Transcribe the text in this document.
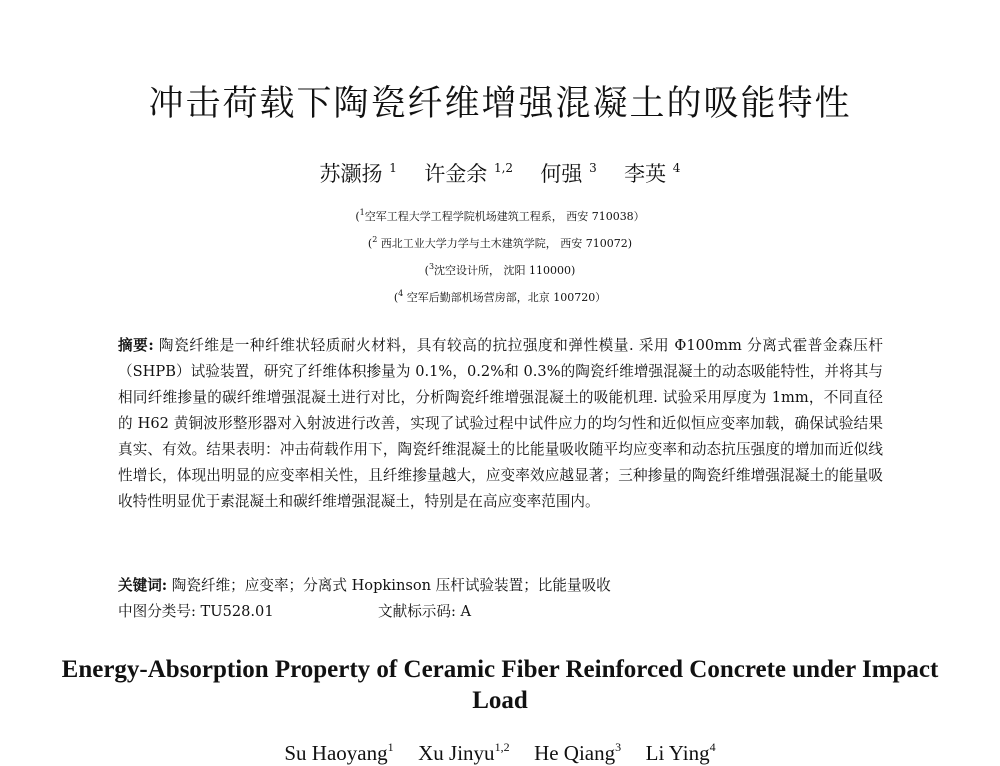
冲击荷载下陶瓷纤维增强混凝土的吸能特性
苏灏扬 $^1$ 许金余 $^{1,2}$ 何强 $^3$ 李英 $^4$
($^1$空军工程大学工程学院机场建筑工程系， 西安 710038）
($^2$ 西北工业大学力学与土木建筑学院， 西安 710072)
($^3$沈空设计所， 沈阳 110000)
($^4$ 空军后勤部机场营房部，北京 100720）
摘要: 陶瓷纤维是一种纤维状轻质耐火材料，具有较高的抗拉强度和弹性模量. 采用 Φ100mm 分离式霍普金森压杆（SHPB）试验装置，研究了纤维体积掺量为 0.1%，0.2%和 0.3%的陶瓷纤维增强混凝土的动态吸能特性，并将其与相同纤维掺量的碳纤维增强混凝土进行对比，分析陶瓷纤维增强混凝土的吸能机理. 试验采用厚度为 1mm，不同直径的 H62 黄铜波形整形器对入射波进行改善，实现了试验过程中试件应力的均匀性和近似恒应变率加载，确保试验结果真实、有效。结果表明：冲击荷载作用下，陶瓷纤维混凝土的比能量吸收随平均应变率和动态抗压强度的增加而近似线性增长，体现出明显的应变率相关性，且纤维掺量越大，应变率效应越显著；三种掺量的陶瓷纤维增强混凝土的能量吸收特性明显优于素混凝土和碳纤维增强混凝土，特别是在高应变率范围内。
关键词: 陶瓷纤维；应变率；分离式 Hopkinson 压杆试验装置；比能量吸收
中图分类号: TU528.01	文献标示码: A
Energy-Absorption Property of Ceramic Fiber Reinforced Concrete under Impact Load
Su Haoyang$^1$ Xu Jinyu$^{1,2}$ He Qiang$^3$ Li Ying$^4$
